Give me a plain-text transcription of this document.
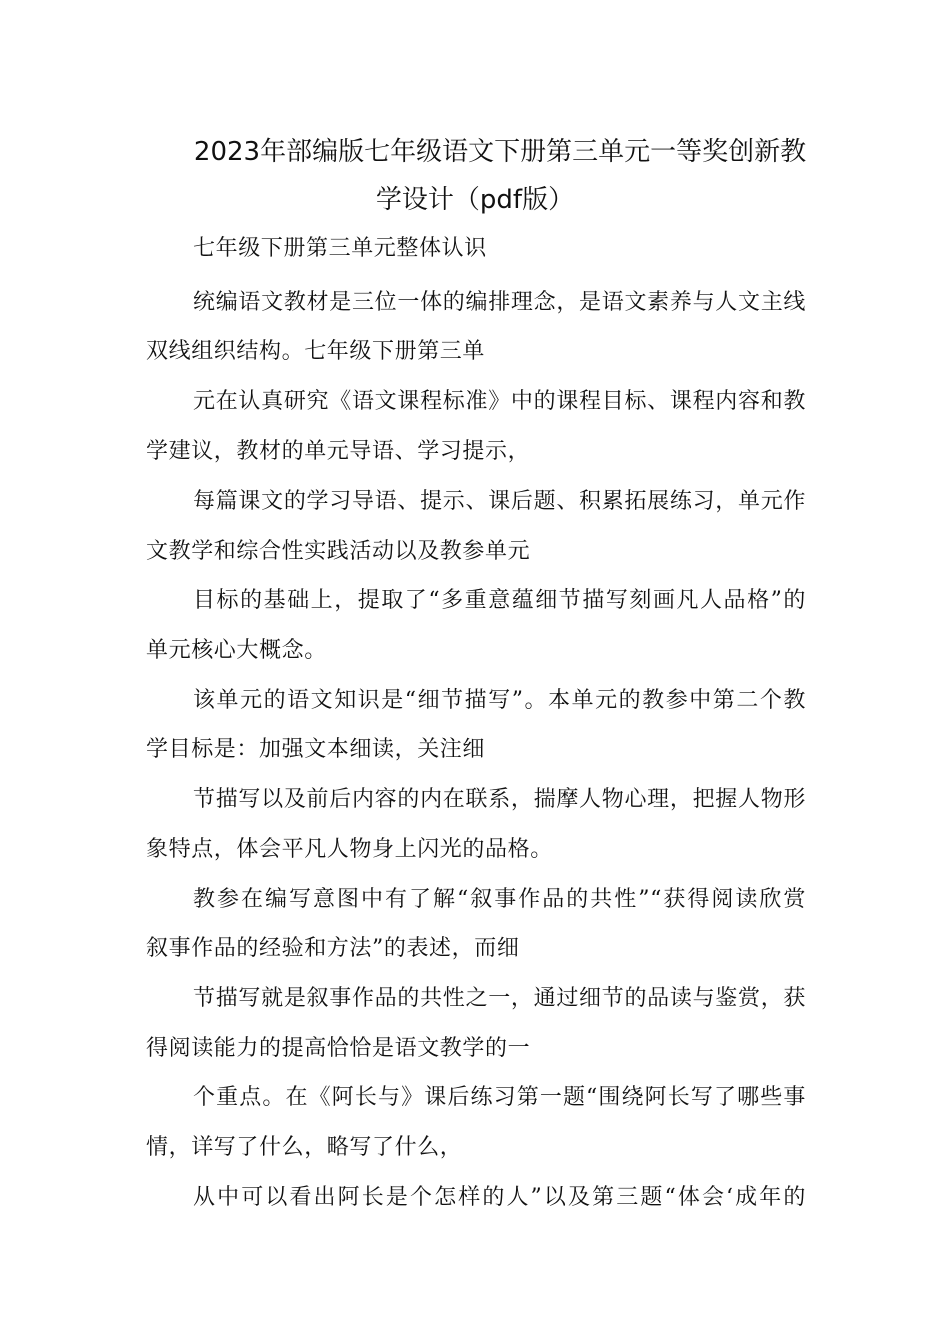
2023年部编版七年级语文下册第三单元一等奖创新教
学设计（pdf版）
七年级下册第三单元整体认识
统编语文教材是三位一体的编排理念，是语文素养与人文主线
双线组织结构。七年级下册第三单
元在认真研究《语文课程标准》中的课程目标、课程内容和教
学建议，教材的单元导语、学习提示，
每篇课文的学习导语、提示、课后题、积累拓展练习，单元作
文教学和综合性实践活动以及教参单元
目标的基础上，提取了“多重意蕴细节描写刻画凡人品格”的
单元核心大概念。
该单元的语文知识是“细节描写”。本单元的教参中第二个教
学目标是：加强文本细读，关注细
节描写以及前后内容的内在联系，揣摩人物心理，把握人物形
象特点，体会平凡人物身上闪光的品格。
教参在编写意图中有了解“叙事作品的共性”“获得阅读欣赏
叙事作品的经验和方法”的表述，而细
节描写就是叙事作品的共性之一，通过细节的品读与鉴赏，获
得阅读能力的提高恰恰是语文教学的一
个重点。在《阿长与》课后练习第一题“围绕阿长写了哪些事
情，详写了什么，略写了什么，
从中可以看出阿长是个怎样的人”以及第三题“体会‘成年的
